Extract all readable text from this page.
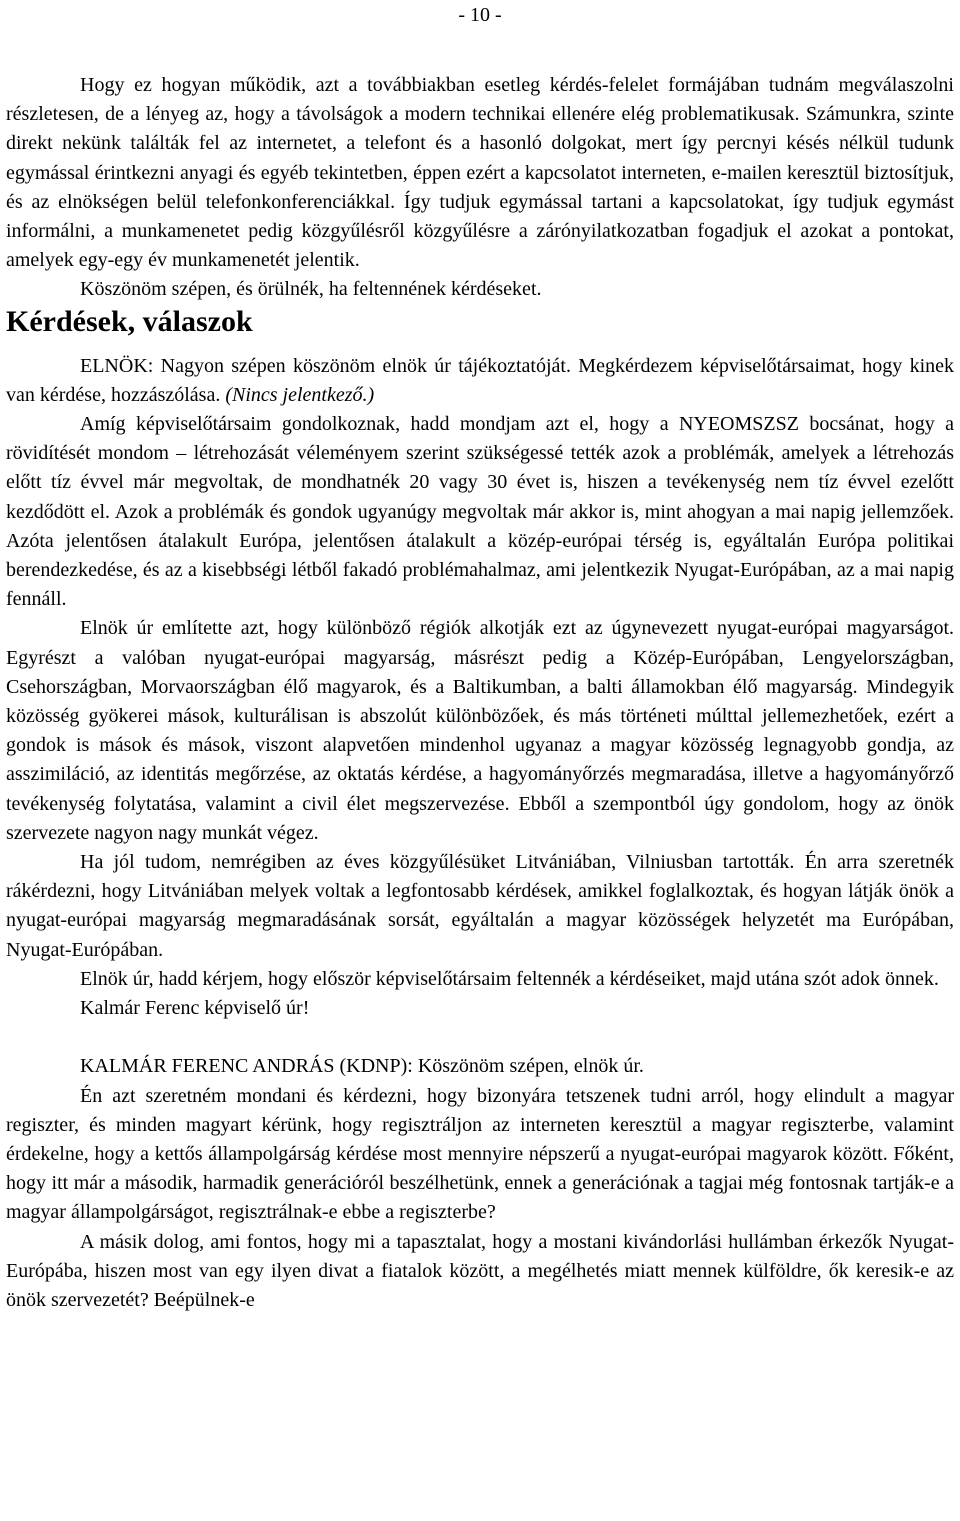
- 10 -

Hogy ez hogyan működik, azt a továbbiakban esetleg kérdés-felelet formájában tudnám megválaszolni részletesen, de a lényeg az, hogy a távolságok a modern technikai ellenére elég problematikusak. Számunkra, szinte direkt nekünk találták fel az internetet, a telefont és a hasonló dolgokat, mert így percnyi késés nélkül tudunk egymással érintkezni anyagi és egyéb tekintetben, éppen ezért a kapcsolatot interneten, e-mailen keresztül biztosítjuk, és az elnökségen belül telefonkonferenciákkal. Így tudjuk egymással tartani a kapcsolatokat, így tudjuk egymást informálni, a munkamenetet pedig közgyűlésről közgyűlésre a zárónyilatkozatban fogadjuk el azokat a pontokat, amelyek egy-egy év munkamenetét jelentik.

Köszönöm szépen, és örülnék, ha feltennének kérdéseket.

Kérdések, válaszok

ELNÖK: Nagyon szépen köszönöm elnök úr tájékoztatóját. Megkérdezem képviselőtársaimat, hogy kinek van kérdése, hozzászólása. (Nincs jelentkező.)

Amíg képviselőtársaim gondolkoznak, hadd mondjam azt el, hogy a NYEOMSZSZ bocsánat, hogy a rövidítését mondom – létrehozását véleményem szerint szükségessé tették azok a problémák, amelyek a létrehozás előtt tíz évvel már megvoltak, de mondhatnék 20 vagy 30 évet is, hiszen a tevékenység nem tíz évvel ezelőtt kezdődött el. Azok a problémák és gondok ugyanúgy megvoltak már akkor is, mint ahogyan a mai napig jellemzőek. Azóta jelentősen átalakult Európa, jelentősen átalakult a közép-európai térség is, egyáltalán Európa politikai berendezkedése, és az a kisebbségi létből fakadó problémahalmaz, ami jelentkezik Nyugat-Európában, az a mai napig fennáll.

Elnök úr említette azt, hogy különböző régiók alkotják ezt az úgynevezett nyugat-európai magyarságot. Egyrészt a valóban nyugat-európai magyarság, másrészt pedig a Közép-Európában, Lengyelországban, Csehországban, Morvaországban élő magyarok, és a Baltikumban, a balti államokban élő magyarság. Mindegyik közösség gyökerei mások, kulturálisan is abszolút különbözőek, és más történeti múlttal jellemezhetőek, ezért a gondok is mások és mások, viszont alapvetően mindenhol ugyanaz a magyar közösség legnagyobb gondja, az asszimiláció, az identitás megőrzése, az oktatás kérdése, a hagyományőrzés megmaradása, illetve a hagyományőrző tevékenység folytatása, valamint a civil élet megszervezése. Ebből a szempontból úgy gondolom, hogy az önök szervezete nagyon nagy munkát végez.

Ha jól tudom, nemrégiben az éves közgyűlésüket Litvániában, Vilniusban tartották. Én arra szeretnék rákérdezni, hogy Litvániában melyek voltak a legfontosabb kérdések, amikkel foglalkoztak, és hogyan látják önök a nyugat-európai magyarság megmaradásának sorsát, egyáltalán a magyar közösségek helyzetét ma Európában, Nyugat-Európában.

Elnök úr, hadd kérjem, hogy először képviselőtársaim feltennék a kérdéseiket, majd utána szót adok önnek.

Kalmár Ferenc képviselő úr!

KALMÁR FERENC ANDRÁS (KDNP): Köszönöm szépen, elnök úr.

Én azt szeretném mondani és kérdezni, hogy bizonyára tetszenek tudni arról, hogy elindult a magyar regiszter, és minden magyart kérünk, hogy regisztráljon az interneten keresztül a magyar regiszterbe, valamint érdekelne, hogy a kettős állampolgárság kérdése most mennyire népszerű a nyugat-európai magyarok között. Főként, hogy itt már a második, harmadik generációról beszélhetünk, ennek a generációnak a tagjai még fontosnak tartják-e a magyar állampolgárságot, regisztrálnak-e ebbe a regiszterbe?

A másik dolog, ami fontos, hogy mi a tapasztalat, hogy a mostani kivándorlási hullámban érkezők Nyugat-Európába, hiszen most van egy ilyen divat a fiatalok között, a megélhetés miatt mennek külföldre, ők keresik-e az önök szervezetét? Beépülnek-e
